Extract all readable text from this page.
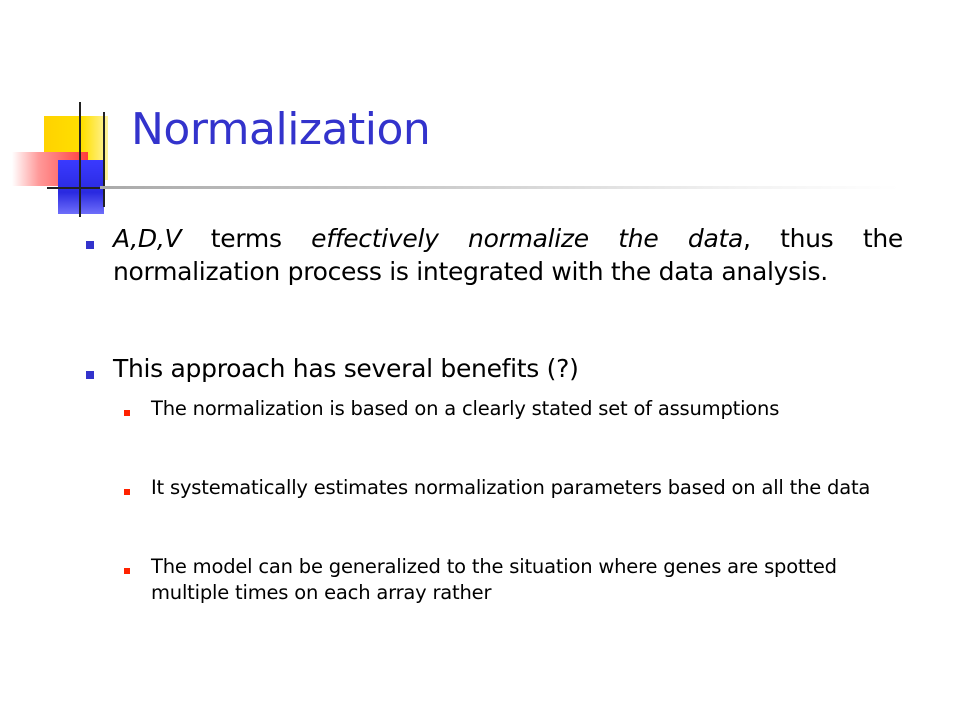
Normalization
A,D,V terms effectively normalize the data, thus the normalization process is integrated with the data analysis.
This approach has several benefits (?)
The normalization is based on a clearly stated set of assumptions
It systematically estimates normalization parameters based on all the data
The model can be generalized to the situation where genes are spotted multiple times on each array rather
